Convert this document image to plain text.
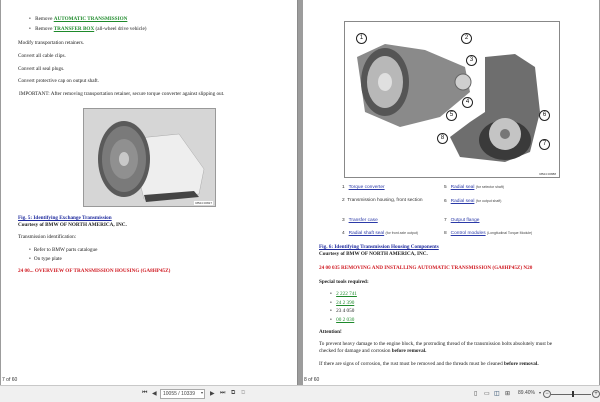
• Remove AUTOMATIC TRANSMISSION
• Remove TRANSFER BOX (all-wheel drive vehicle)
Modify transportation retainers.
Convert all cable clips.
Convert all seal plugs.
Convert protective cap on output shaft.
IMPORTANT: After removing transportation retainer, secure torque converter against slipping out.
RB24 00827
Fig. 5: Identifying Exchange Transmission
Courtesy of BMW OF NORTH AMERICA, INC.
Transmission identification:
• Refer to BMW parts catalogue
• On type plate
24 00... OVERVIEW OF TRANSMISSION HOUSING (GA8HP45Z)
7 of 60
1	2
3
4
5	6
7
8
RB24 00888
1 Torque converter	5 Radial seal (for selector shaft)
2 Transmission housing, front section	6 Radial seal (for output shaft)
3 Transfer case	7 Output flange
4 Radial shaft seal (for front axle output)	8 Control modules (Longitudinal Torque Module)
Fig. 6: Identifying Transmission Housing Components
Courtesy of BMW OF NORTH AMERICA, INC.
24 00 035 REMOVING AND INSTALLING AUTOMATIC TRANSMISSION (GA8HP45Z) N20
Special tools required:
• 2 222 741
• 24 2 390
• 23 4 050
• 00 2 030
Attention!
To prevent heavy damage to the engine block, the protruding thread of the transmission bolts absolutely must be
checked for damage and corrosion before removal.
If there are signs of corrosion, the rust must be removed and the threads must be cleaned before removal.
8 of 60
⏮ ◀	10055 / 10339	▾ ▶ ⏭ ⧉ ⧉	▯ ▭ ◫ ⊞ 89.40% ▾ −	+
